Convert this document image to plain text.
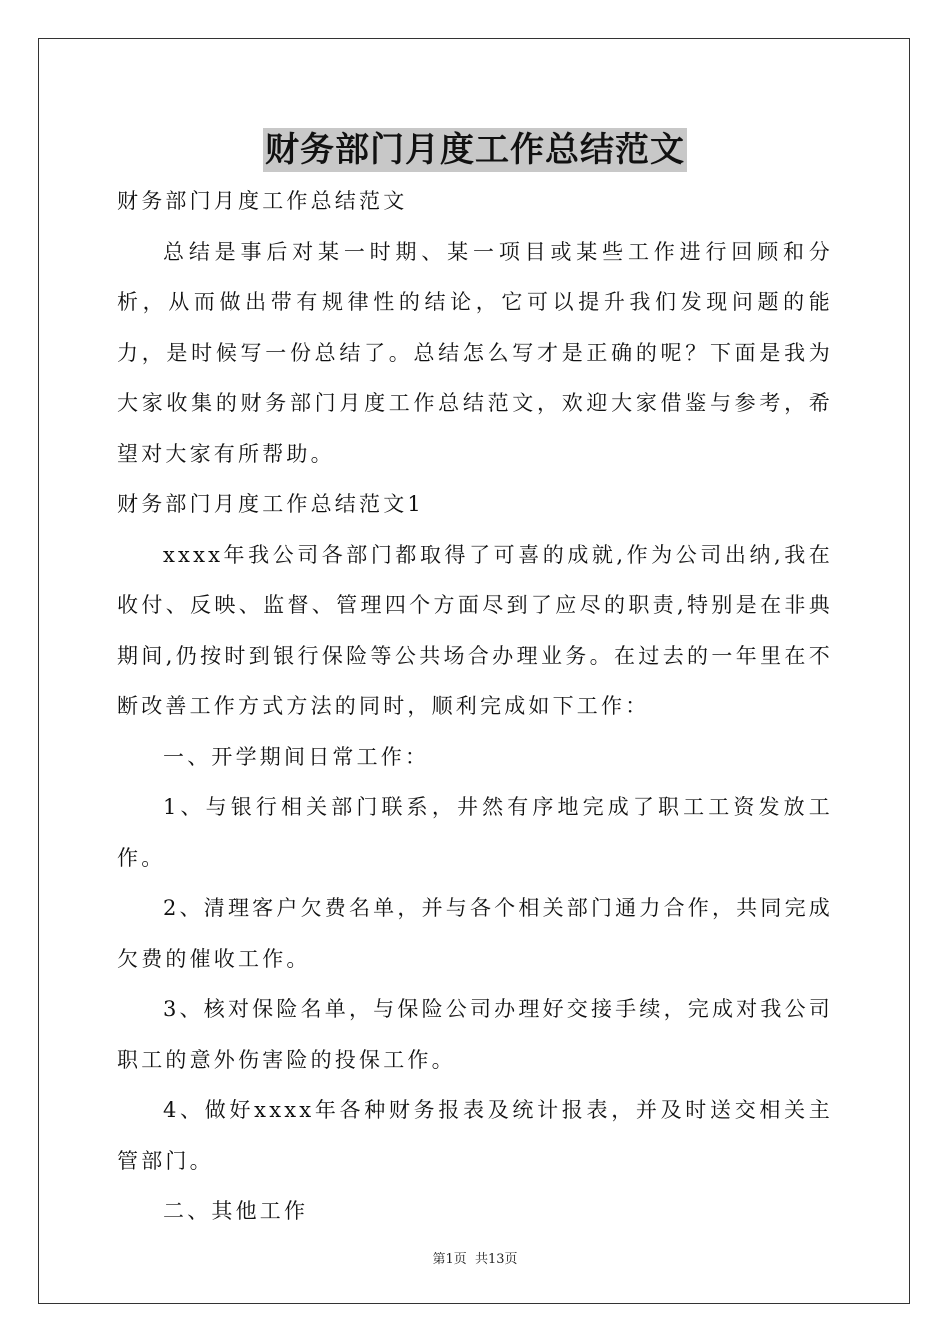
财务部门月度工作总结范文

财务部门月度工作总结范文

总结是事后对某一时期、某一项目或某些工作进行回顾和分析，从而做出带有规律性的结论，它可以提升我们发现问题的能力，是时候写一份总结了。总结怎么写才是正确的呢？下面是我为大家收集的财务部门月度工作总结范文，欢迎大家借鉴与参考，希望对大家有所帮助。

财务部门月度工作总结范文1

xxxx年我公司各部门都取得了可喜的成就,作为公司出纳,我在收付、反映、监督、管理四个方面尽到了应尽的职责,特别是在非典期间,仍按时到银行保险等公共场合办理业务。在过去的一年里在不断改善工作方式方法的同时，顺利完成如下工作：

一、开学期间日常工作：

1、与银行相关部门联系，井然有序地完成了职工工资发放工作。

2、清理客户欠费名单，并与各个相关部门通力合作，共同完成欠费的催收工作。

3、核对保险名单，与保险公司办理好交接手续，完成对我公司职工的意外伤害险的投保工作。

4、做好xxxx年各种财务报表及统计报表，并及时送交相关主管部门。

二、其他工作

第1页 共13页
